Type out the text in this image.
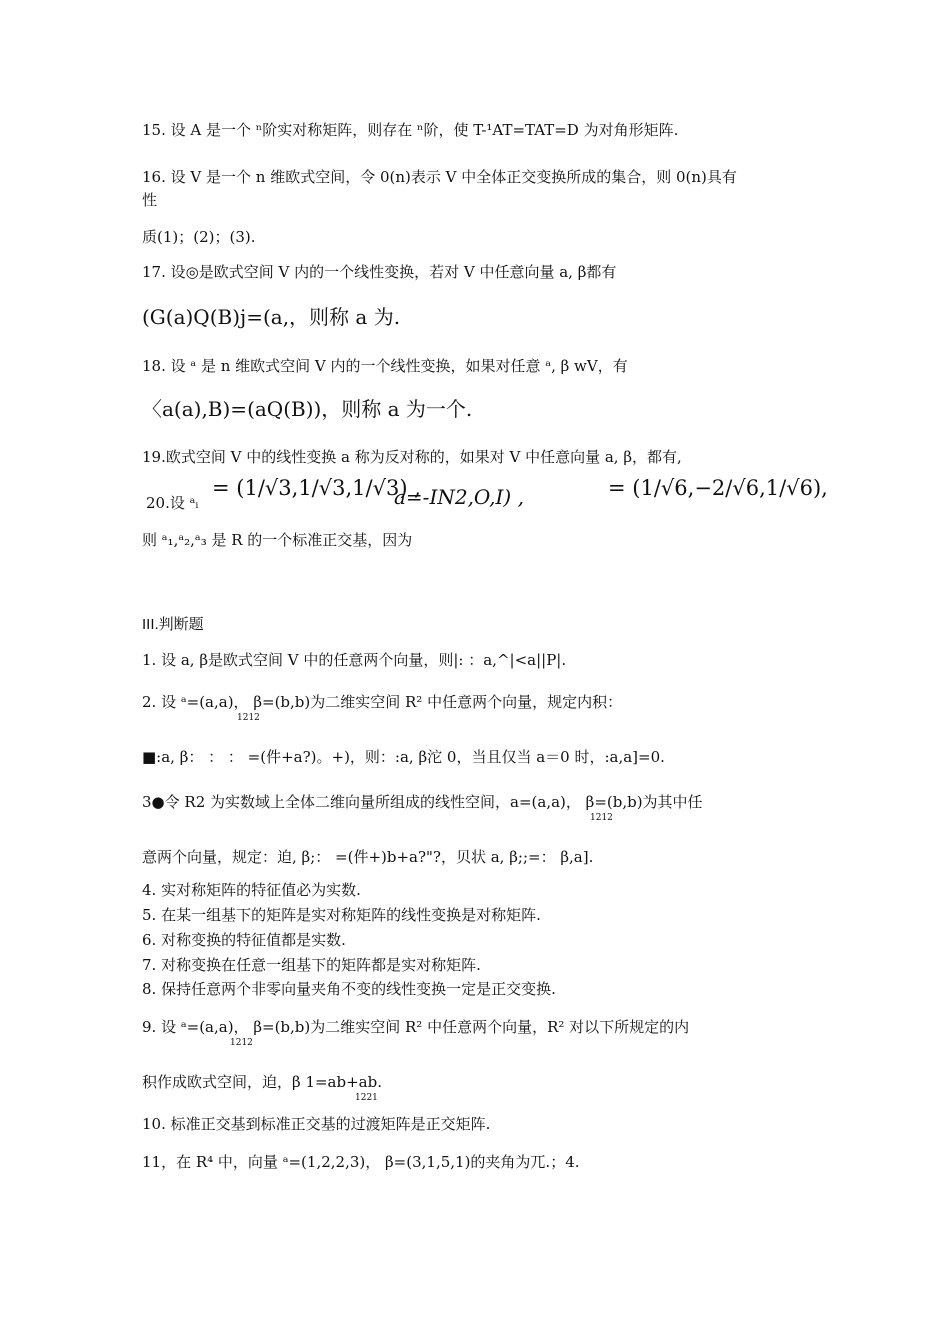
15. 设 A 是一个 ⁿ阶实对称矩阵，则存在 ⁿ阶，使 T-¹AT=TAT=D 为对角形矩阵.
16. 设 V 是一个 n 维欧式空间，令 0(n)表示 V 中全体正交变换所成的集合，则 0(n)具有
性
质(1)；(2)；(3).
17. 设◎是欧式空间 V 内的一个线性变换，若对 V 中任意向量 a, β都有
(G(a)Q(B)j=(a,，则称 a 为.
18. 设 ᵃ 是 n 维欧式空间 V 内的一个线性变换，如果对任意 ᵃ, β wV，有
〈a(a),B)=(aQ(B))，则称 a 为一个.
19.欧式空间 V 中的线性变换 a 称为反对称的，如果对 V 中任意向量 a, β，都有,
20.设 ᵃᵢ
= (1/√3,1/√3,1/√3) ,
a=-IN2,O,I) ,	= (1/√6,−2/√6,1/√6),
则 ᵃ₁,ᵃ₂,ᵃ₃ 是 R 的一个标准正交基，因为
III.判断题
1. 设 a, β是欧式空间 V 中的任意两个向量，则|: ：a,^|<a||P|.
2. 设 ᵃ=(a,a)， β=(b,b)为二维实空间 R² 中任意两个向量，规定内积：
1212
■:a, β： ： ： =(件+a?)。+)，则：:a, β沱 0，当且仅当 a＝0 时，:a,a]=0.
3●令 R2 为实数域上全体二维向量所组成的线性空间，a=(a,a)， β=(b,b)为其中任
1212
意两个向量，规定：迫, β;： =(件+)b+a?"?，贝状 a, β;;=： β,a].
4. 实对称矩阵的特征值必为实数.
5. 在某一组基下的矩阵是实对称矩阵的线性变换是对称矩阵.
6. 对称变换的特征值都是实数.
7. 对称变换在任意一组基下的矩阵都是实对称矩阵.
8. 保持任意两个非零向量夹角不变的线性变换一定是正交变换.
9. 设 ᵃ=(a,a)， β=(b,b)为二维实空间 R² 中任意两个向量，R² 对以下所规定的内
1212
积作成欧式空间，迫，β 1=ab+ab.
1221
10. 标准正交基到标准正交基的过渡矩阵是正交矩阵.
11，在 R⁴ 中，向量 ᵃ=(1,2,2,3)， β=(3,1,5,1)的夹角为兀.；4.
